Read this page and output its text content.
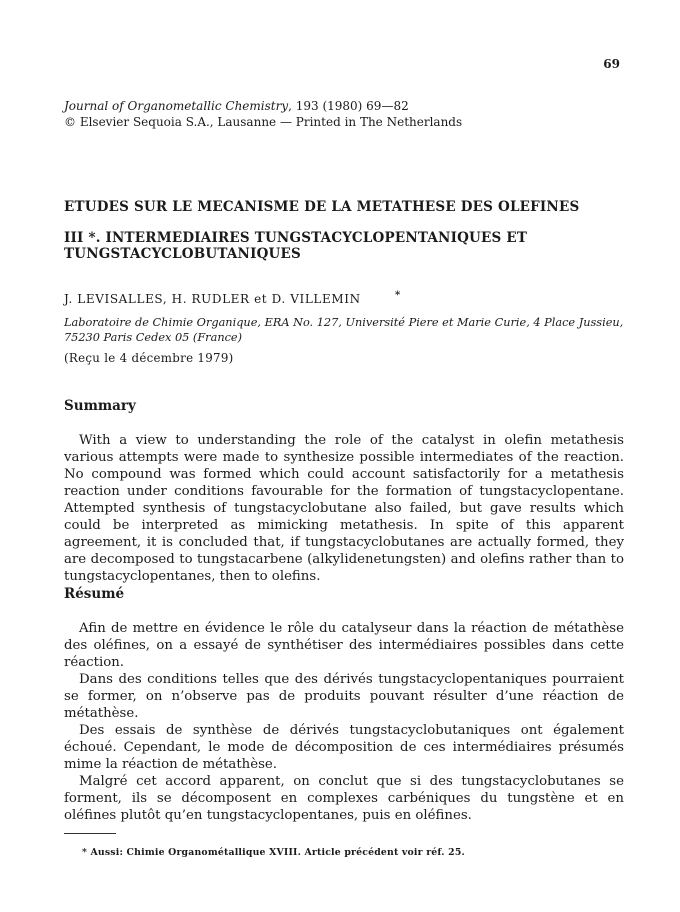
69
Journal of Organometallic Chemistry, 193 (1980) 69—82
© Elsevier Sequoia S.A., Lausanne — Printed in The Netherlands
ETUDES SUR LE MECANISME DE LA METATHESE DES OLEFINES
III *. INTERMEDIAIRES TUNGSTACYCLOPENTANIQUES ET
TUNGSTACYCLOBUTANIQUES
J. LEVISALLES, H. RUDLER et D. VILLEMIN	*
Laboratoire de Chimie Organique, ERA No. 127, Université Piere et Marie Curie, 4 Place Jussieu, 75230 Paris Cedex 05 (France)
(Reçu le 4 décembre 1979)
Summary

With a view to understanding the role of the catalyst in olefin metathesis various attempts were made to synthesize possible intermediates of the reaction. No compound was formed which could account satisfactorily for a metathesis reaction under conditions favourable for the formation of tungstacyclopentane. Attempted synthesis of tungstacyclobutane also failed, but gave results which could be interpreted as mimicking metathesis. In spite of this apparent agreement, it is concluded that, if tungstacyclobutanes are actually formed, they are decomposed to tungstacarbene (alkylidenetungsten) and olefins rather than to tungstacyclopentanes, then to olefins.

Résumé

Afin de mettre en évidence le rôle du catalyseur dans la réaction de métathèse des oléfines, on a essayé de synthétiser des intermédiaires possibles dans cette réaction.

Dans des conditions telles que des dérivés tungstacyclopentaniques pourraient se former, on n’observe pas de produits pouvant résulter d’une réaction de métathèse.

Des essais de synthèse de dérivés tungstacyclobutaniques ont également échoué. Cependant, le mode de décomposition de ces intermédiaires présumés mime la réaction de métathèse.

Malgré cet accord apparent, on conclut que si des tungstacyclobutanes se forment, ils se décomposent en complexes carbéniques du tungstène et en oléfines plutôt qu’en tungstacyclopentanes, puis en oléfines.

* Aussi: Chimie Organométallique XVIII. Article précédent voir réf. 25.
